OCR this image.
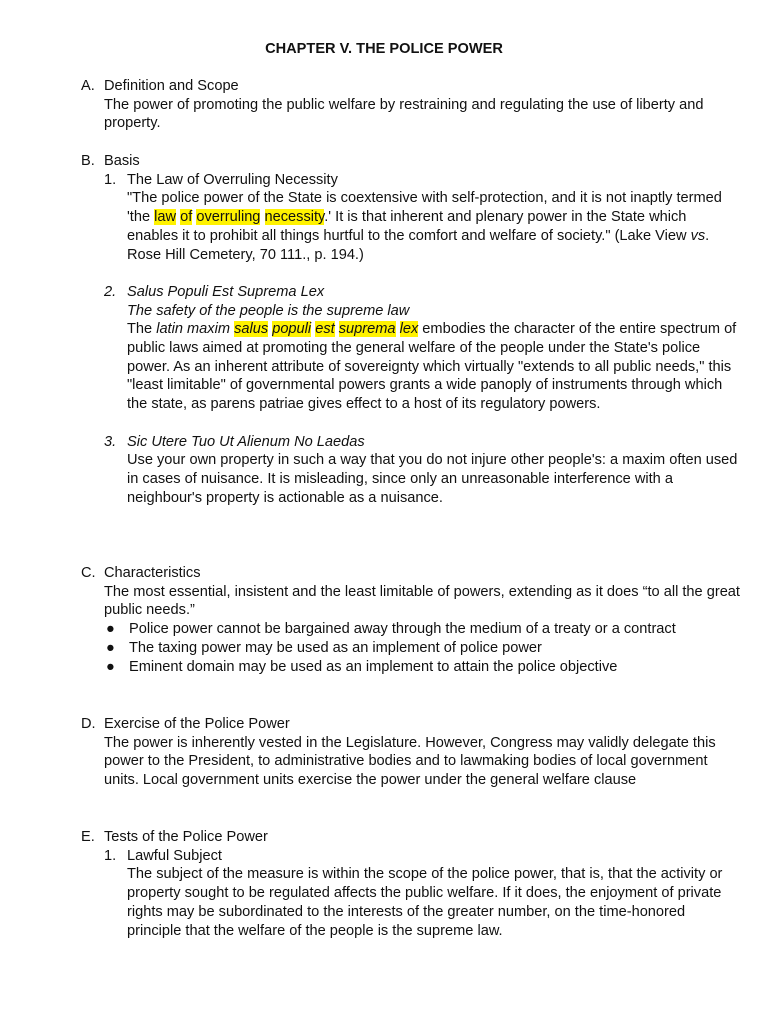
CHAPTER V. THE POLICE POWER
A. Definition and Scope
The power of promoting the public welfare by restraining and regulating the use of liberty and property.
B. Basis
1. The Law of Overruling Necessity
"The police power of the State is coextensive with self-protection, and it is not inaptly termed 'the law of overruling necessity.' It is that inherent and plenary power in the State which enables it to prohibit all things hurtful to the comfort and welfare of society." (Lake View vs. Rose Hill Cemetery, 70 111., p. 194.)
2. Salus Populi Est Suprema Lex
The safety of the people is the supreme law
The latin maxim salus populi est suprema lex embodies the character of the entire spectrum of public laws aimed at promoting the general welfare of the people under the State's police power. As an inherent attribute of sovereignty which virtually "extends to all public needs," this "least limitable" of governmental powers grants a wide panoply of instruments through which the state, as parens patriae gives effect to a host of its regulatory powers.
3. Sic Utere Tuo Ut Alienum No Laedas
Use your own property in such a way that you do not injure other people's: a maxim often used in cases of nuisance. It is misleading, since only an unreasonable interference with a neighbour's property is actionable as a nuisance.
C. Characteristics
The most essential, insistent and the least limitable of powers, extending as it does “to all the great public needs.”
● Police power cannot be bargained away through the medium of a treaty or a contract
● The taxing power may be used as an implement of police power
● Eminent domain may be used as an implement to attain the police objective
D. Exercise of the Police Power
The power is inherently vested in the Legislature. However, Congress may validly delegate this power to the President, to administrative bodies and to lawmaking bodies of local government units. Local government units exercise the power under the general welfare clause
E. Tests of the Police Power
1. Lawful Subject
The subject of the measure is within the scope of the police power, that is, that the activity or property sought to be regulated affects the public welfare. If it does, the enjoyment of private rights may be subordinated to the interests of the greater number, on the time-honored principle that the welfare of the people is the supreme law.
